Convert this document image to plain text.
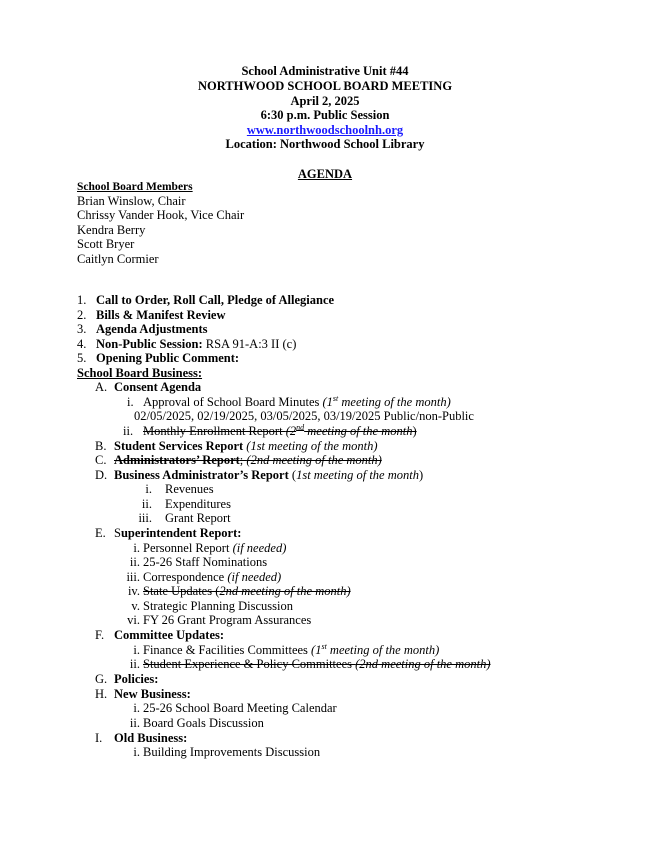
School Administrative Unit #44
NORTHWOOD SCHOOL BOARD MEETING
April 2, 2025
6:30 p.m. Public Session
www.northwoodschoolnh.org
Location: Northwood School Library
AGENDA
School Board Members
Brian Winslow, Chair
Chrissy Vander Hook, Vice Chair
Kendra Berry
Scott Bryer
Caitlyn Cormier
1. Call to Order, Roll Call, Pledge of Allegiance
2. Bills & Manifest Review
3. Agenda Adjustments
4. Non-Public Session: RSA 91-A:3 II (c)
5. Opening Public Comment:
School Board Business:
A. Consent Agenda
i. Approval of School Board Minutes (1st meeting of the month)
02/05/2025, 02/19/2025, 03/05/2025, 03/19/2025 Public/non-Public
ii. Monthly Enrollment Report (2nd meeting of the month)
B. Student Services Report (1st meeting of the month)
C. Administrators’ Report; (2nd meeting of the month)
D. Business Administrator’s Report (1st meeting of the month)
i. Revenues
ii. Expenditures
iii. Grant Report
E. Superintendent Report:
i. Personnel Report (if needed)
ii. 25-26 Staff Nominations
iii. Correspondence (if needed)
iv. State Updates (2nd meeting of the month)
v. Strategic Planning Discussion
vi. FY 26 Grant Program Assurances
F. Committee Updates:
i. Finance & Facilities Committees (1st meeting of the month)
ii. Student Experience & Policy Committees (2nd meeting of the month)
G. Policies:
H. New Business:
i. 25-26 School Board Meeting Calendar
ii. Board Goals Discussion
I. Old Business:
i. Building Improvements Discussion
